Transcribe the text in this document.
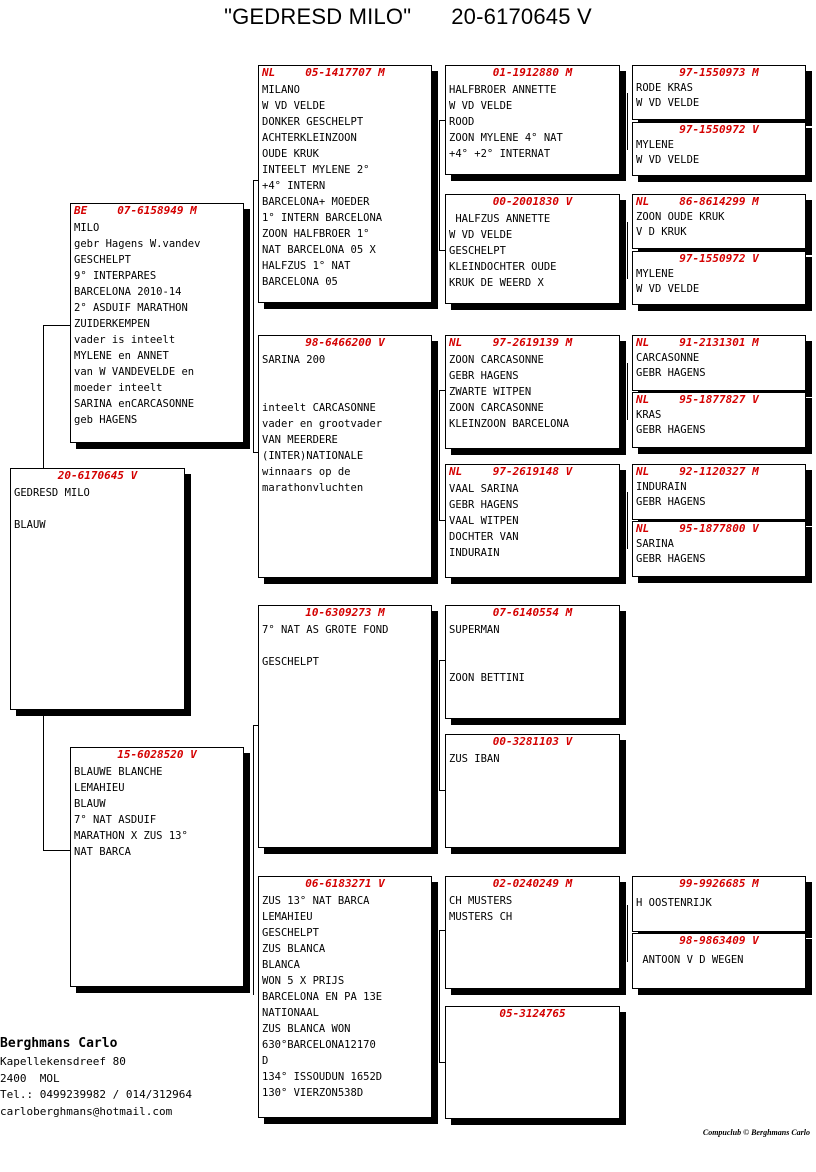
"GEDRESD MILO" 20-6170645 V
20-6170645 V
GEDRESD MILO

BLAUW
BE	07-6158949 M
MILO
gebr Hagens W.vandev
GESCHELPT
9° INTERPARES
BARCELONA 2010-14
2° ASDUIF MARATHON
ZUIDERKEMPEN
vader is inteelt
MYLENE en ANNET
van W VANDEVELDE en
moeder inteelt
SARINA enCARCASONNE
geb HAGENS
15-6028520 V
BLAUWE BLANCHE
LEMAHIEU
BLAUW
7° NAT ASDUIF
MARATHON X ZUS 13°
NAT BARCA
NL	05-1417707 M
MILANO
W VD VELDE
DONKER GESCHELPT
ACHTERKLEINZOON
OUDE KRUK
INTEELT MYLENE 2°
+4° INTERN
BARCELONA+ MOEDER
1° INTERN BARCELONA
ZOON HALFBROER 1°
NAT BARCELONA 05 X
HALFZUS 1° NAT
BARCELONA 05
98-6466200 V
SARINA 200

inteelt CARCASONNE
vader en grootvader
VAN MEERDERE
(INTER)NATIONALE
winnaars op de
marathonvluchten
10-6309273 M
7° NAT AS GROTE FOND

GESCHELPT
06-6183271 V
ZUS 13° NAT BARCA
LEMAHIEU
GESCHELPT
ZUS BLANCA
BLANCA
WON 5 X PRIJS
BARCELONA EN PA 13E
NATIONAAL
ZUS BLANCA WON
630°BARCELONA12170
D
134° ISSOUDUN 1652D
130° VIERZON538D
01-1912880 M
HALFBROER ANNETTE
W VD VELDE
ROOD
ZOON MYLENE 4° NAT
+4° +2° INTERNAT
00-2001830 V
HALFZUS ANNETTE
W VD VELDE
GESCHELPT
KLEINDOCHTER OUDE
KRUK DE WEERD X
NL	97-2619139 M
ZOON CARCASONNE
GEBR HAGENS
ZWARTE WITPEN
ZOON CARCASONNE
KLEINZOON BARCELONA
NL	97-2619148 V
VAAL SARINA
GEBR HAGENS
VAAL WITPEN
DOCHTER VAN
INDURAIN
07-6140554 M
SUPERMAN

ZOON BETTINI
00-3281103 V
ZUS IBAN
02-0240249 M
CH MUSTERS
MUSTERS CH
05-3124765
97-1550973 M
RODE KRAS
W VD VELDE
97-1550972 V
MYLENE
W VD VELDE
NL	86-8614299 M
ZOON OUDE KRUK
V D KRUK
97-1550972 V
MYLENE
W VD VELDE
NL	91-2131301 M
CARCASONNE
GEBR HAGENS
NL	95-1877827 V
KRAS
GEBR HAGENS
NL	92-1120327 M
INDURAIN
GEBR HAGENS
NL	95-1877800 V
SARINA
GEBR HAGENS
99-9926685 M
H OOSTENRIJK
98-9863409 V
ANTOON V D WEGEN
Berghmans Carlo
Kapellekensdreef 80
2400  MOL
Tel.: 0499239982 / 014/312964
carloberghmans@hotmail.com
Compuclub © Berghmans Carlo
